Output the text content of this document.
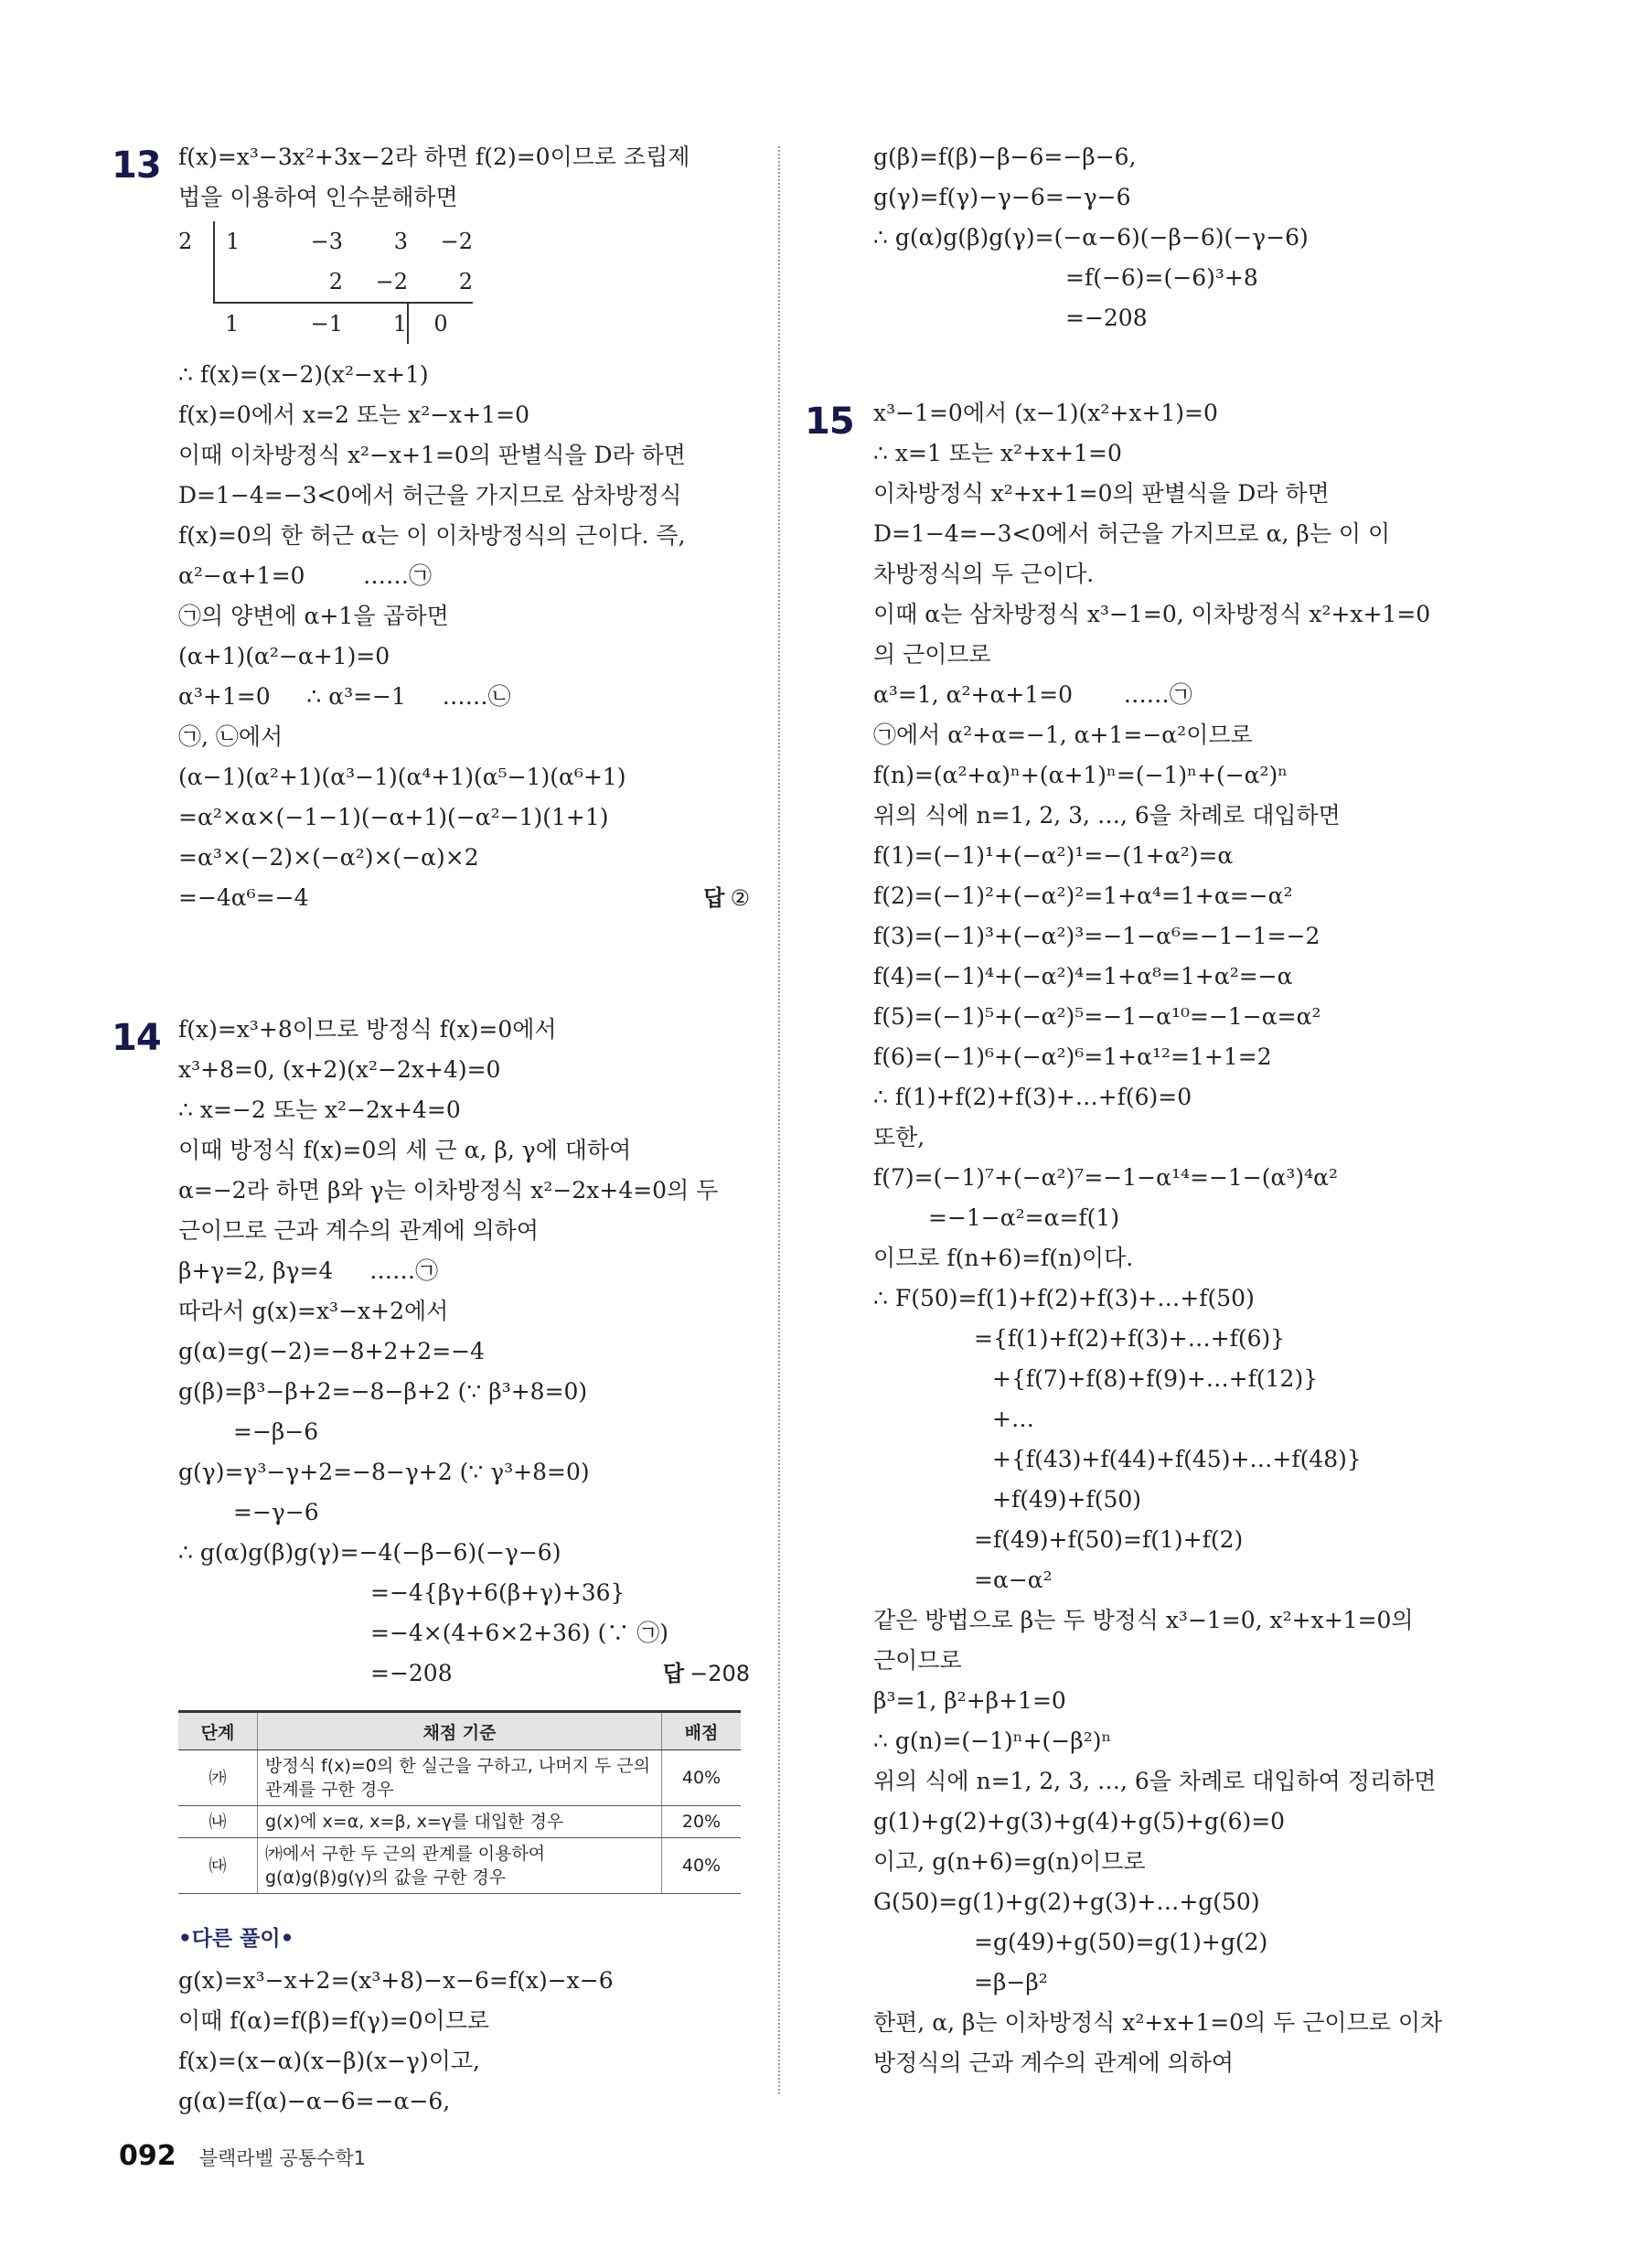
13 f(x)=x³−3x²+3x−2라 하면 f(2)=0이므로 조립제
법을 이용하여 인수분해하면
2	1	−3	3	−2
		2	−2	2
	1	−1	1	0
∴ f(x)=(x−2)(x²−x+1)
f(x)=0에서 x=2 또는 x²−x+1=0
이때 이차방정식 x²−x+1=0의 판별식을 D라 하면
D=1−4=−3<0에서 허근을 가지므로 삼차방정식
f(x)=0의 한 허근 α는 이 이차방정식의 근이다. 즉,
α²−α+1=0        ……㉠
㉠의 양변에 α+1을 곱하면
(α+1)(α²−α+1)=0
α³+1=0     ∴ α³=−1     ……㉡
㉠, ㉡에서
(α−1)(α²+1)(α³−1)(α⁴+1)(α⁵−1)(α⁶+1)
=α²×α×(−1−1)(−α+1)(−α²−1)(1+1)
=α³×(−2)×(−α²)×(−α)×2
=−4α⁶=−4	답 ②
14 f(x)=x³+8이므로 방정식 f(x)=0에서
x³+8=0, (x+2)(x²−2x+4)=0
∴ x=−2 또는 x²−2x+4=0
이때 방정식 f(x)=0의 세 근 α, β, γ에 대하여
α=−2라 하면 β와 γ는 이차방정식 x²−2x+4=0의 두
근이므로 근과 계수의 관계에 의하여
β+γ=2, βγ=4     ……㉠
따라서 g(x)=x³−x+2에서
g(α)=g(−2)=−8+2+2=−4
g(β)=β³−β+2=−8−β+2 (∵ β³+8=0)
=−β−6
g(γ)=γ³−γ+2=−8−γ+2 (∵ γ³+8=0)
=−γ−6
∴ g(α)g(β)g(γ)=−4(−β−6)(−γ−6)
=−4{βγ+6(β+γ)+36}
=−4×(4+6×2+36) (∵ ㉠)
=−208	답 −208
단계	채점 기준	배점
㈎	방정식 f(x)=0의 한 실근을 구하고, 나머지 두 근의 관계를 구한 경우	40%
㈏	g(x)에 x=α, x=β, x=γ를 대입한 경우	20%
㈐	㈎에서 구한 두 근의 관계를 이용하여 g(α)g(β)g(γ)의 값을 구한 경우	40%
•다른 풀이•
g(x)=x³−x+2=(x³+8)−x−6=f(x)−x−6
이때 f(α)=f(β)=f(γ)=0이므로
f(x)=(x−α)(x−β)(x−γ)이고,
g(α)=f(α)−α−6=−α−6,
g(β)=f(β)−β−6=−β−6,
g(γ)=f(γ)−γ−6=−γ−6
∴ g(α)g(β)g(γ)=(−α−6)(−β−6)(−γ−6)
=f(−6)=(−6)³+8
=−208
15 x³−1=0에서 (x−1)(x²+x+1)=0
∴ x=1 또는 x²+x+1=0
이차방정식 x²+x+1=0의 판별식을 D라 하면
D=1−4=−3<0에서 허근을 가지므로 α, β는 이 이
차방정식의 두 근이다.
이때 α는 삼차방정식 x³−1=0, 이차방정식 x²+x+1=0
의 근이므로
α³=1, α²+α+1=0       ……㉠
㉠에서 α²+α=−1, α+1=−α²이므로
f(n)=(α²+α)ⁿ+(α+1)ⁿ=(−1)ⁿ+(−α²)ⁿ
위의 식에 n=1, 2, 3, …, 6을 차례로 대입하면
f(1)=(−1)¹+(−α²)¹=−(1+α²)=α
f(2)=(−1)²+(−α²)²=1+α⁴=1+α=−α²
f(3)=(−1)³+(−α²)³=−1−α⁶=−1−1=−2
f(4)=(−1)⁴+(−α²)⁴=1+α⁸=1+α²=−α
f(5)=(−1)⁵+(−α²)⁵=−1−α¹⁰=−1−α=α²
f(6)=(−1)⁶+(−α²)⁶=1+α¹²=1+1=2
∴ f(1)+f(2)+f(3)+…+f(6)=0
또한,
f(7)=(−1)⁷+(−α²)⁷=−1−α¹⁴=−1−(α³)⁴α²
=−1−α²=α=f(1)
이므로 f(n+6)=f(n)이다.
∴ F(50)=f(1)+f(2)+f(3)+…+f(50)
={f(1)+f(2)+f(3)+…+f(6)}
+{f(7)+f(8)+f(9)+…+f(12)}
+…
+{f(43)+f(44)+f(45)+…+f(48)}
+f(49)+f(50)
=f(49)+f(50)=f(1)+f(2)
=α−α²
같은 방법으로 β는 두 방정식 x³−1=0, x²+x+1=0의
근이므로
β³=1, β²+β+1=0
∴ g(n)=(−1)ⁿ+(−β²)ⁿ
위의 식에 n=1, 2, 3, …, 6을 차례로 대입하여 정리하면
g(1)+g(2)+g(3)+g(4)+g(5)+g(6)=0
이고, g(n+6)=g(n)이므로
G(50)=g(1)+g(2)+g(3)+…+g(50)
=g(49)+g(50)=g(1)+g(2)
=β−β²
한편, α, β는 이차방정식 x²+x+1=0의 두 근이므로 이차
방정식의 근과 계수의 관계에 의하여
092 블랙라벨 공통수학1
